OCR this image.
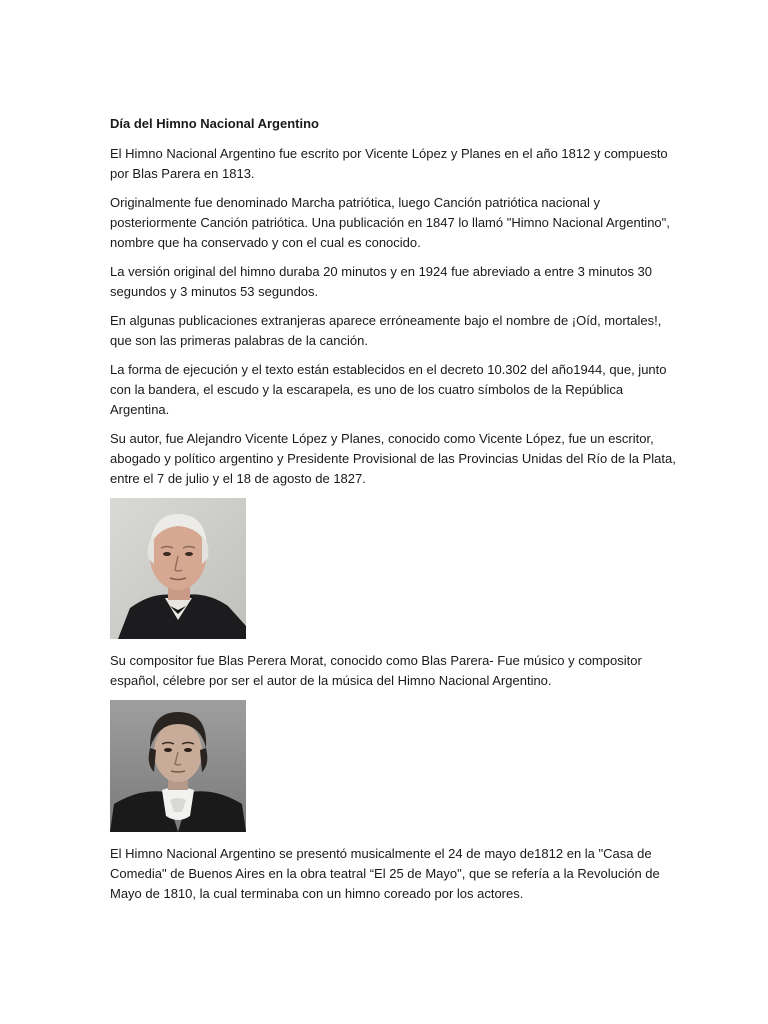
Día del Himno Nacional Argentino

El Himno Nacional Argentino fue escrito por Vicente López y Planes en el año 1812 y compuesto por Blas Parera en 1813.

Originalmente fue denominado Marcha patriótica, luego Canción patriótica nacional y posteriormente Canción patriótica. Una publicación en 1847 lo llamó "Himno Nacional Argentino", nombre que ha conservado y con el cual es conocido.

La versión original del himno duraba 20 minutos y en 1924 fue abreviado a entre 3 minutos 30 segundos y 3 minutos 53 segundos.

En algunas publicaciones extranjeras aparece erróneamente bajo el nombre de ¡Oíd, mortales!, que son las primeras palabras de la canción.

La forma de ejecución y el texto están establecidos en el decreto 10.302 del año1944, que, junto con la bandera, el escudo y la escarapela, es uno de los cuatro símbolos de la República Argentina.

Su autor, fue Alejandro Vicente López y Planes, conocido como Vicente López, fue un escritor, abogado y político argentino y Presidente Provisional de las Provincias Unidas del Río de la Plata, entre el 7 de julio y el 18 de agosto de 1827.

Su compositor fue Blas Perera Morat, conocido como Blas Parera- Fue músico y compositor español, célebre por ser el autor de la música del Himno Nacional Argentino.

El Himno Nacional Argentino se presentó musicalmente el 24 de mayo de1812 en la "Casa de Comedia" de Buenos Aires en la obra teatral “El 25 de Mayo", que se refería a la Revolución de Mayo de 1810, la cual terminaba con un himno coreado por los actores.
